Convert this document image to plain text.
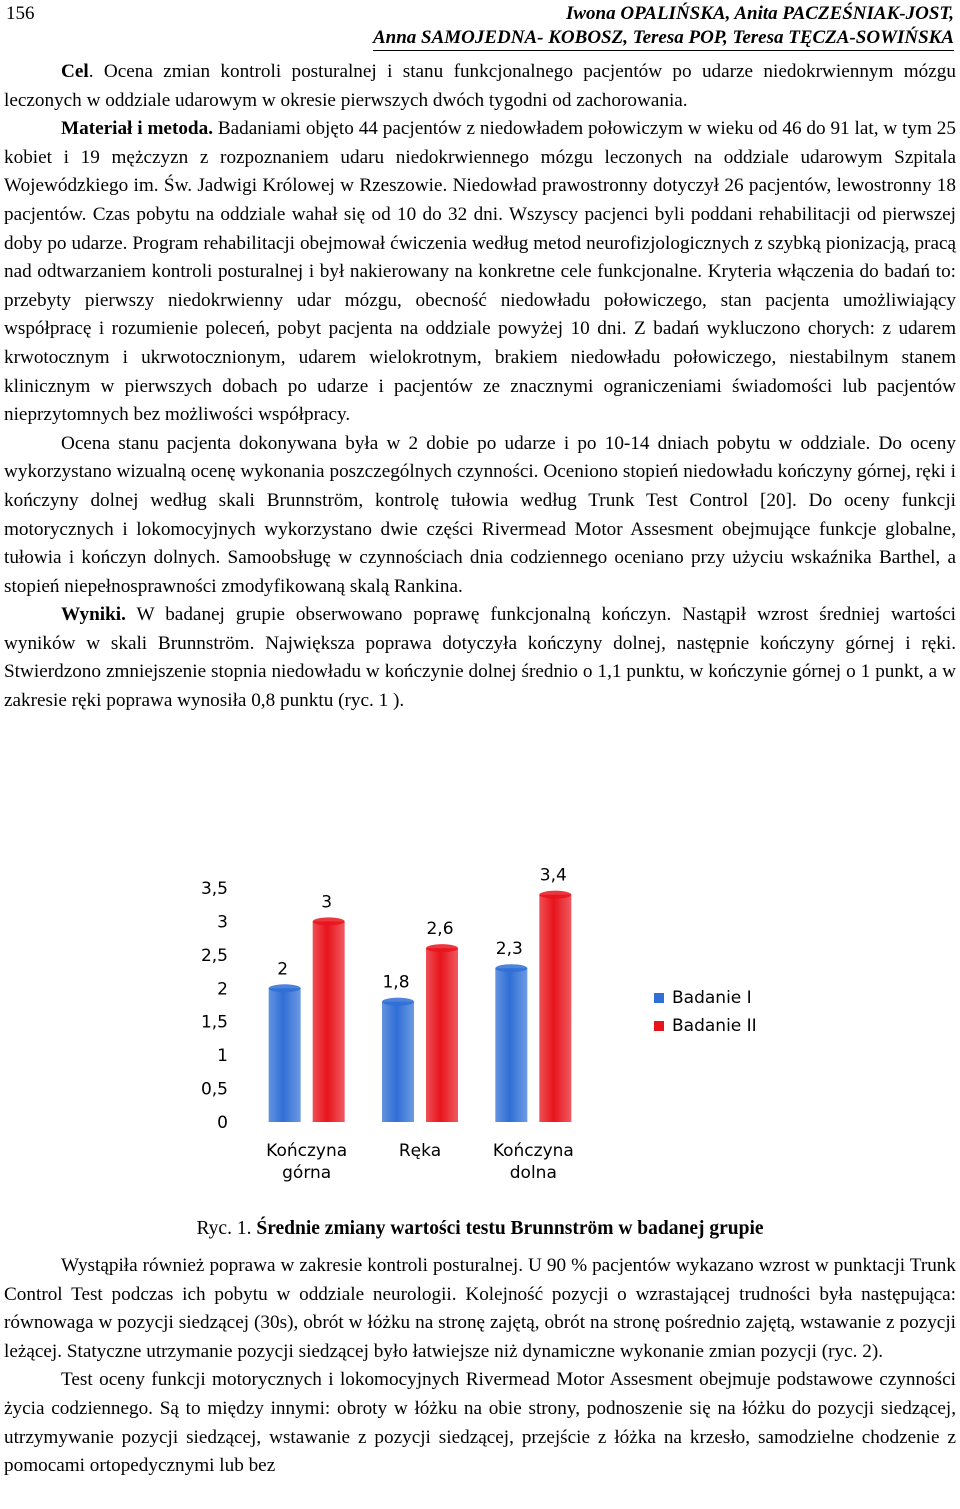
156	Iwona OPALIŃSKA, Anita PACZEŚNIAK-JOST,
Anna SAMOJEDNA- KOBOSZ, Teresa POP, Teresa TĘCZA-SOWIŃSKA

Cel. Ocena zmian kontroli posturalnej i stanu funkcjonalnego pacjentów po udarze niedokrwiennym mózgu leczonych w oddziale udarowym w okresie pierwszych dwóch tygodni od zachorowania.

Materiał i metoda. Badaniami objęto 44 pacjentów z niedowładem połowiczym w wieku od 46 do 91 lat, w tym 25 kobiet i 19 mężczyzn z rozpoznaniem udaru niedokrwiennego mózgu leczonych na oddziale udarowym Szpitala Wojewódzkiego im. Św. Jadwigi Królowej w Rzeszowie. Niedowład prawostronny dotyczył 26 pacjentów, lewostronny 18 pacjentów. Czas pobytu na oddziale wahał się od 10 do 32 dni. Wszyscy pacjenci byli poddani rehabilitacji od pierwszej doby po udarze. Program rehabilitacji obejmował ćwiczenia według metod neurofizjologicznych z szybką pionizacją, pracą nad odtwarzaniem kontroli posturalnej i był nakierowany na konkretne cele funkcjonalne. Kryteria włączenia do badań to: przebyty pierwszy niedokrwienny udar mózgu, obecność niedowładu połowiczego, stan pacjenta umożliwiający współpracę i rozumienie poleceń, pobyt pacjenta na oddziale powyżej 10 dni. Z badań wykluczono chorych: z udarem krwotocznym i ukrwotocznionym, udarem wielokrotnym, brakiem niedowładu połowiczego, niestabilnym stanem klinicznym w pierwszych dobach po udarze i pacjentów ze znacznymi ograniczeniami świadomości lub pacjentów nieprzytomnych bez możliwości współpracy.

Ocena stanu pacjenta dokonywana była w 2 dobie po udarze i po 10-14 dniach pobytu w oddziale. Do oceny wykorzystano wizualną ocenę wykonania poszczególnych czynności. Oceniono stopień niedowładu kończyny górnej, ręki i kończyny dolnej według skali Brunnström, kontrolę tułowia według Trunk Test Control [20]. Do oceny funkcji motorycznych i lokomocyjnych wykorzystano dwie części Rivermead Motor Assesment obejmujące funkcje globalne, tułowia i kończyn dolnych. Samoobsługę w czynnościach dnia codziennego oceniano przy użyciu wskaźnika Barthel, a stopień niepełnosprawności zmodyfikowaną skalą Rankina.

Wyniki. W badanej grupie obserwowano poprawę funkcjonalną kończyn. Nastąpił wzrost średniej wartości wyników w skali Brunnström. Największa poprawa dotyczyła kończyny dolnej, następnie kończyny górnej i ręki. Stwierdzono zmniejszenie stopnia niedowładu w kończynie dolnej średnio o 1,1 punktu, w kończynie górnej o 1 punkt, a w zakresie ręki poprawa wynosiła 0,8 punktu (ryc. 1 ).

0
0,5
1
1,5
2
2,5
3
3,5
2
3
Kończyna
górna
1,8
2,6
Ręka
2,3
3,4
Kończyna
dolna
Badanie I
Badanie II
Ryc. 1. Średnie zmiany wartości testu Brunnström w badanej grupie

Wystąpiła również poprawa w zakresie kontroli posturalnej. U 90 % pacjentów wykazano wzrost w punktacji Trunk Control Test podczas ich pobytu w oddziale neurologii. Kolejność pozycji o wzrastającej trudności była następująca: równowaga w pozycji siedzącej (30s), obrót w łóżku na stronę zajętą, obrót na stronę pośrednio zajętą, wstawanie z pozycji leżącej. Statyczne utrzymanie pozycji siedzącej było łatwiejsze niż dynamiczne wykonanie zmian pozycji (ryc. 2).

Test oceny funkcji motorycznych i lokomocyjnych Rivermead Motor Assesment obejmuje podstawowe czynności życia codziennego. Są to między innymi: obroty w łóżku na obie strony, podnoszenie się na łóżku do pozycji siedzącej, utrzymywanie pozycji siedzącej, wstawanie z pozycji siedzącej, przejście z łóżka na krzesło, samodzielne chodzenie z pomocami ortopedycznymi lub bez
